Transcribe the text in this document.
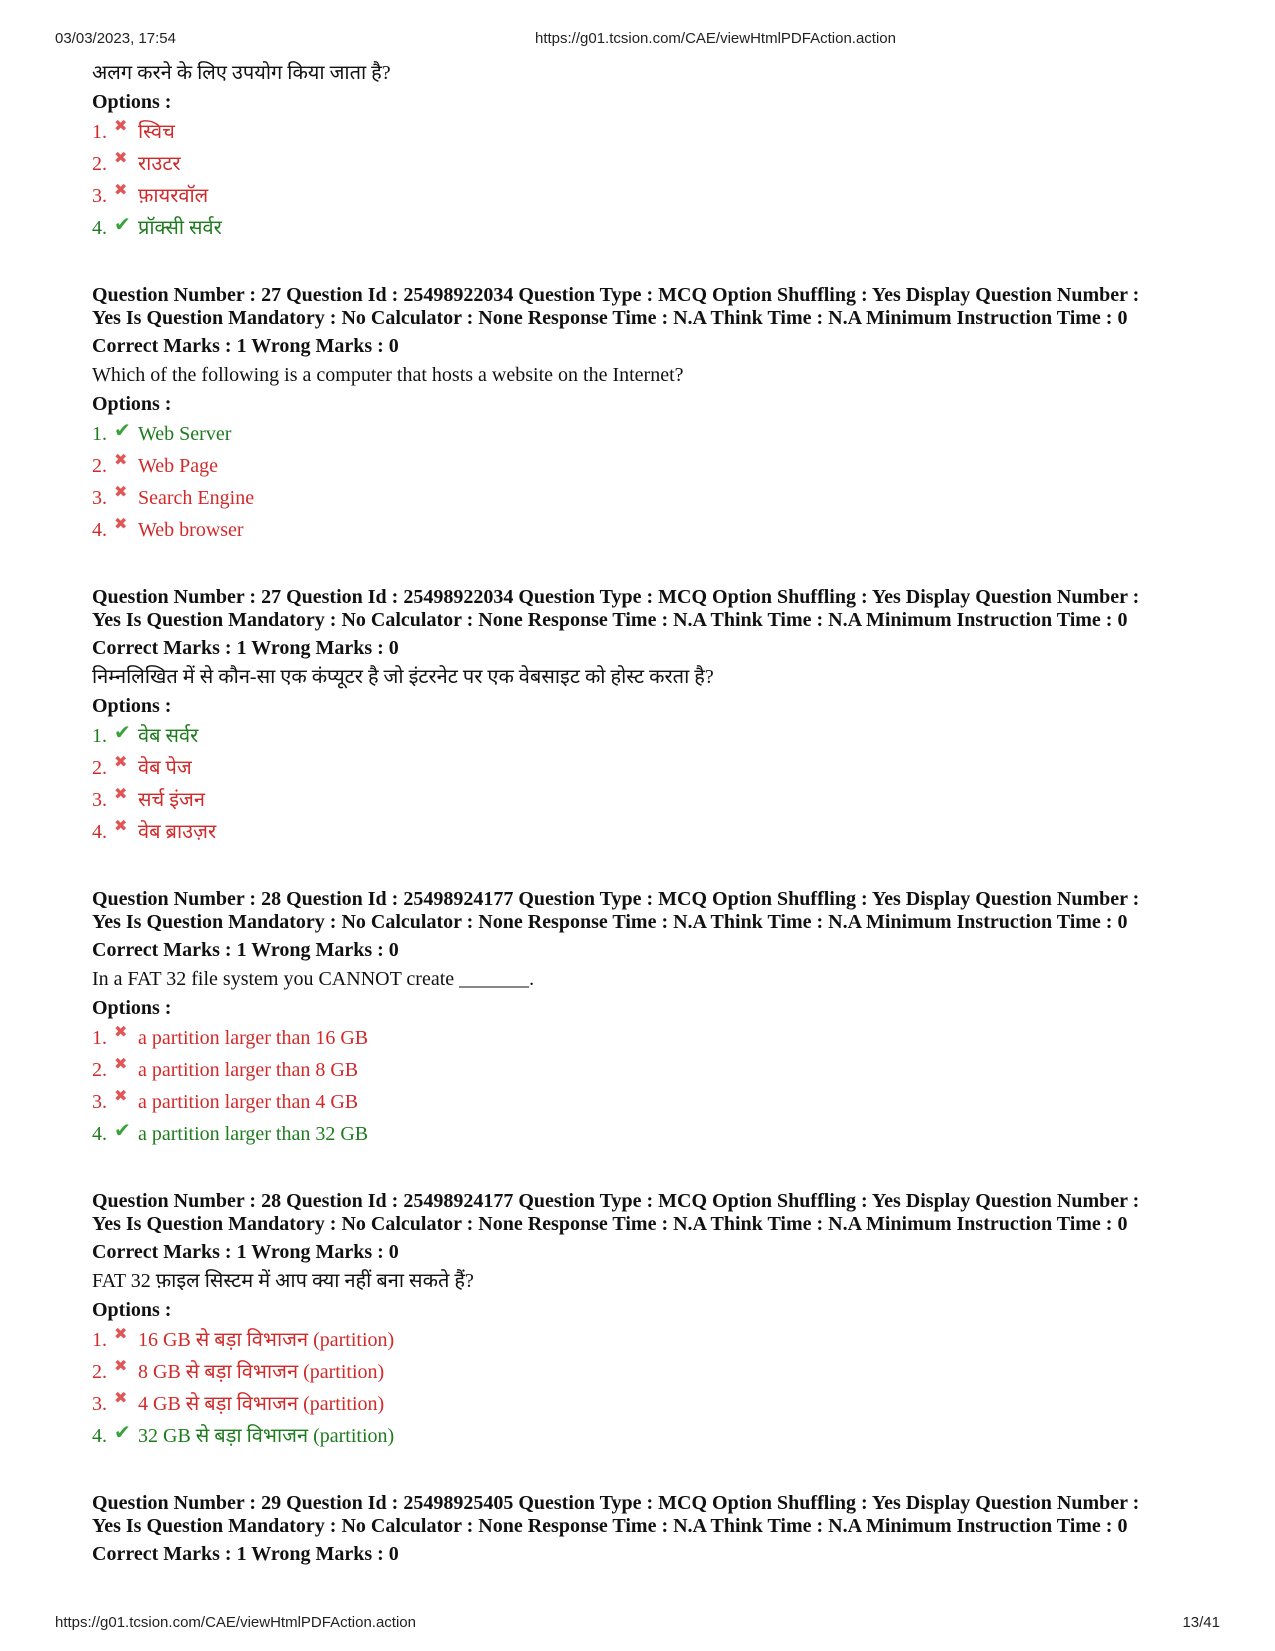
03/03/2023, 17:54	https://g01.tcsion.com/CAE/viewHtmlPDFAction.action

अलग करने के लिए उपयोग किया जाता है?

Options :

1. ✖ स्विच
2. ✖ राउटर
3. ✖ फ़ायरवॉल
4. ✔ प्रॉक्सी सर्वर

Question Number : 27 Question Id : 25498922034 Question Type : MCQ Option Shuffling : Yes Display Question Number :

Yes Is Question Mandatory : No Calculator : None Response Time : N.A Think Time : N.A Minimum Instruction Time : 0

Correct Marks : 1 Wrong Marks : 0

Which of the following is a computer that hosts a website on the Internet?

Options :

1. ✔ Web Server
2. ✖ Web Page
3. ✖ Search Engine
4. ✖ Web browser

Question Number : 27 Question Id : 25498922034 Question Type : MCQ Option Shuffling : Yes Display Question Number :

Yes Is Question Mandatory : No Calculator : None Response Time : N.A Think Time : N.A Minimum Instruction Time : 0

Correct Marks : 1 Wrong Marks : 0

निम्नलिखित में से कौन-सा एक कंप्यूटर है जो इंटरनेट पर एक वेबसाइट को होस्ट करता है?

Options :

1. ✔ वेब सर्वर
2. ✖ वेब पेज
3. ✖ सर्च इंजन
4. ✖ वेब ब्राउज़र

Question Number : 28 Question Id : 25498924177 Question Type : MCQ Option Shuffling : Yes Display Question Number :

Yes Is Question Mandatory : No Calculator : None Response Time : N.A Think Time : N.A Minimum Instruction Time : 0

Correct Marks : 1 Wrong Marks : 0

In a FAT 32 file system you CANNOT create _______.

Options :

1. ✖ a partition larger than 16 GB
2. ✖ a partition larger than 8 GB
3. ✖ a partition larger than 4 GB
4. ✔ a partition larger than 32 GB

Question Number : 28 Question Id : 25498924177 Question Type : MCQ Option Shuffling : Yes Display Question Number :

Yes Is Question Mandatory : No Calculator : None Response Time : N.A Think Time : N.A Minimum Instruction Time : 0

Correct Marks : 1 Wrong Marks : 0

FAT 32 फ़ाइल सिस्टम में आप क्या नहीं बना सकते हैं?

Options :

1. ✖ 16 GB से बड़ा विभाजन (partition)
2. ✖ 8 GB से बड़ा विभाजन (partition)
3. ✖ 4 GB से बड़ा विभाजन (partition)
4. ✔ 32 GB से बड़ा विभाजन (partition)

Question Number : 29 Question Id : 25498925405 Question Type : MCQ Option Shuffling : Yes Display Question Number :

Yes Is Question Mandatory : No Calculator : None Response Time : N.A Think Time : N.A Minimum Instruction Time : 0

Correct Marks : 1 Wrong Marks : 0

https://g01.tcsion.com/CAE/viewHtmlPDFAction.action	13/41
